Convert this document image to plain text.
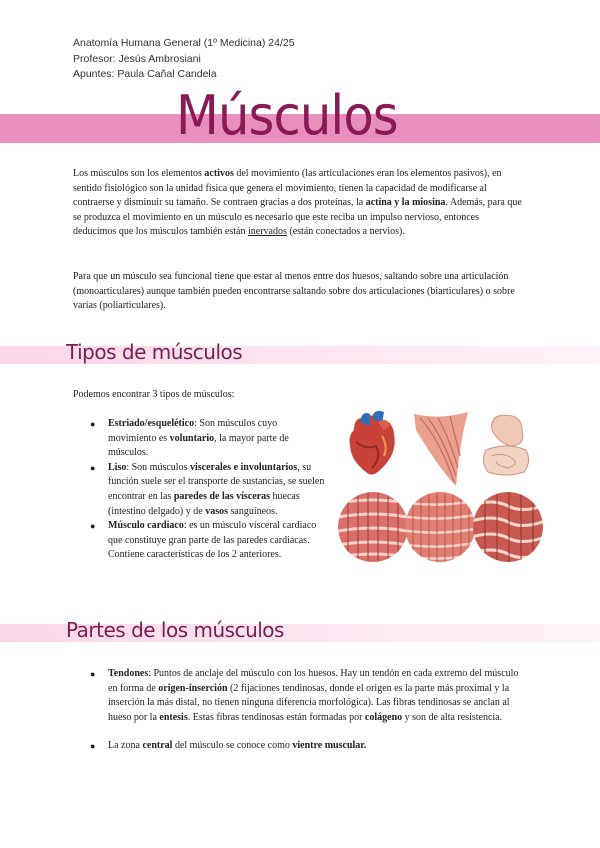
Anatomía Humana General (1º Medicina) 24/25
Profesor: Jesús Ambrosiani
Apuntes: Paula Cañal Candela
Músculos
Los músculos son los elementos activos del movimiento (las articulaciones eran los elementos pasivos), en sentido fisiológico son la unidad física que genera el movimiento, tienen la capacidad de modificarse al contraerse y disminuir su tamaño. Se contraen gracias a dos proteínas, la actina y la miosina. Además, para que se produzca el movimiento en un músculo es necesario que este reciba un impulso nervioso, entonces deducimos que los músculos también están inervados (están conectados a nervios).
Para que un músculo sea funcional tiene que estar al menos entre dos huesos, saltando sobre una articulación (monoarticulares) aunque también pueden encontrarse saltando sobre dos articulaciones (biarticulares) o sobre varias (poliarticulares).
Tipos de músculos
Podemos encontrar 3 tipos de músculos:
● Estriado/esquelético: Son músculos cuyo movimiento es voluntario, la mayor parte de músculos.
● Liso: Son músculos viscerales e involuntarios, su función suele ser el transporte de sustancias, se suelen encontrar en las paredes de las vísceras huecas (intestino delgado) y de vasos sanguíneos.
● Músculo cardiaco: es un músculo visceral cardiaco que constituye gran parte de las paredes cardiacas. Contiene características de los 2 anteriores.
Partes de los músculos
● Tendones: Puntos de anclaje del músculo con los huesos. Hay un tendón en cada extremo del músculo en forma de origen-inserción (2 fijaciones tendinosas, donde el origen es la parte más proximal y la inserción la más distal, no tienen ninguna diferencia morfológica). Las fibras tendinosas se anclan al hueso por la entesis. Estas fibras tendinosas están formadas por colágeno y son de alta resistencia.
● La zona central del músculo se conoce como vientre muscular.
